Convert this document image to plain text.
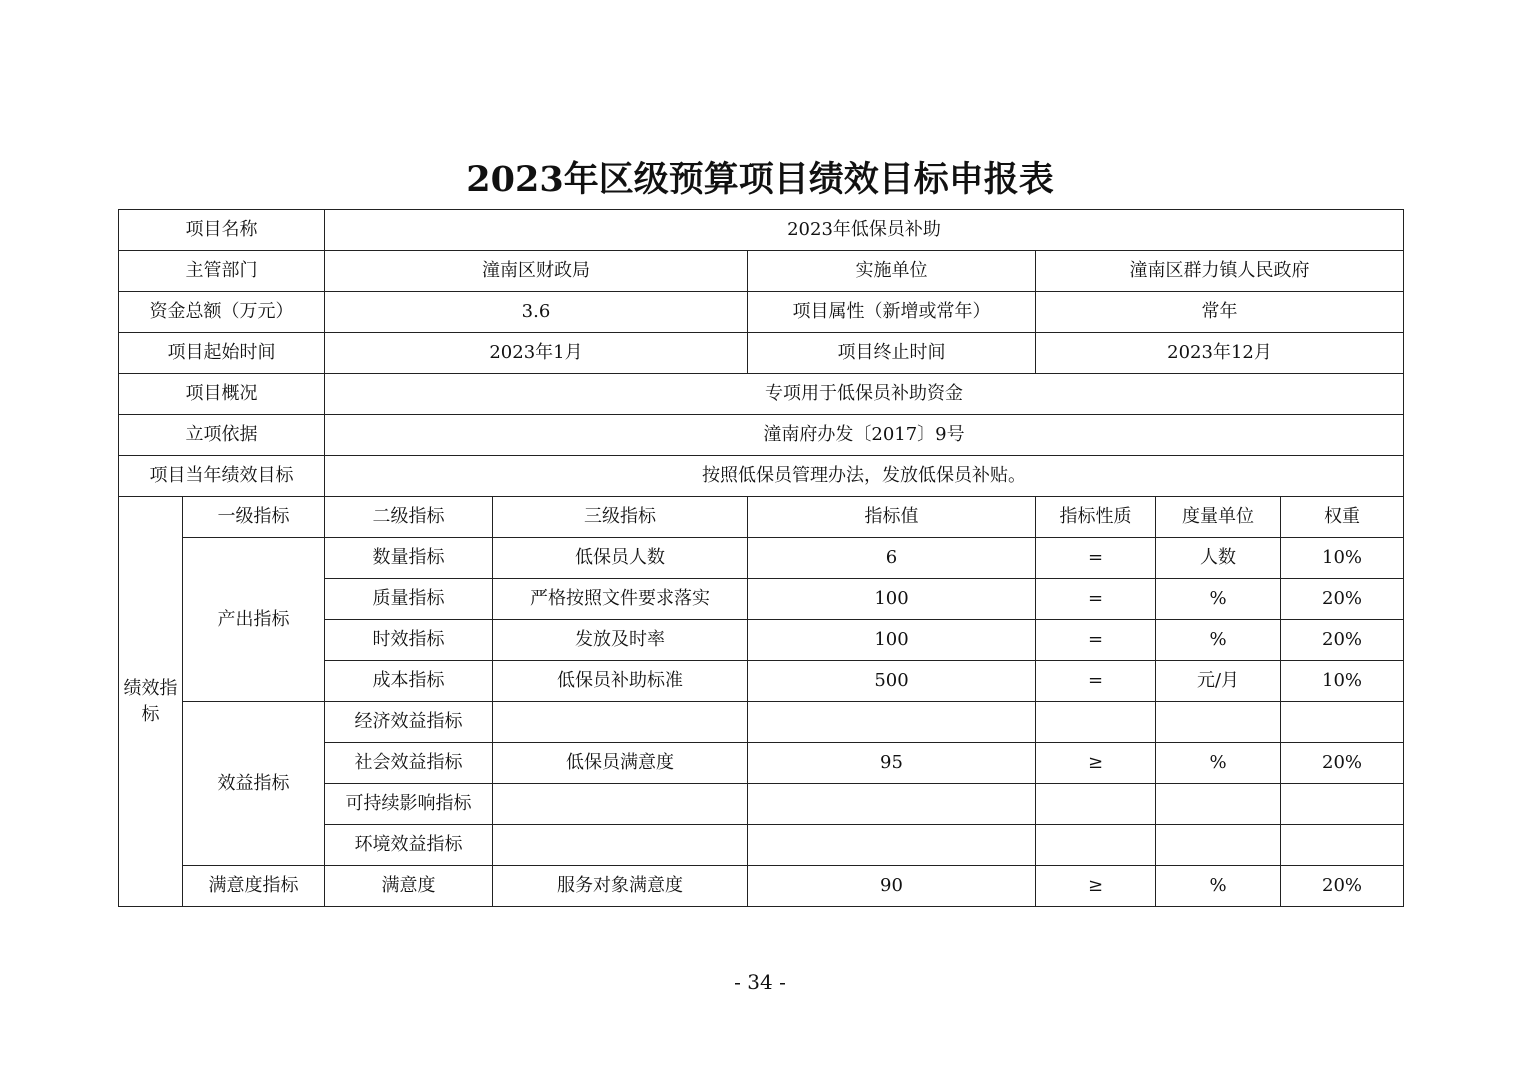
2023年区级预算项目绩效目标申报表
项目名称		2023年低保员补助					
主管部门		潼南区财政局		实施单位	潼南区群力镇人民政府		
资金总额（万元）		3.6		项目属性（新增或常年）	常年		
项目起始时间		2023年1月		项目终止时间	2023年12月		
项目概况		专项用于低保员补助资金					
立项依据		潼南府办发〔2017〕9号					
项目当年绩效目标		按照低保员管理办法，发放低保员补贴。					
绩效指标	一级指标	二级指标	三级指标	指标值	指标性质	度量单位	权重
	产出指标	数量指标	低保员人数	6	=	人数	10%
		质量指标	严格按照文件要求落实	100	=	%	20%
		时效指标	发放及时率	100	=	%	20%
		成本指标	低保员补助标准	500	=	元/月	10%
	效益指标	经济效益指标					
		社会效益指标	低保员满意度	95	≥	%	20%
		可持续影响指标					
		环境效益指标					
	满意度指标	满意度	服务对象满意度	90	≥	%	20%
- 34 -
